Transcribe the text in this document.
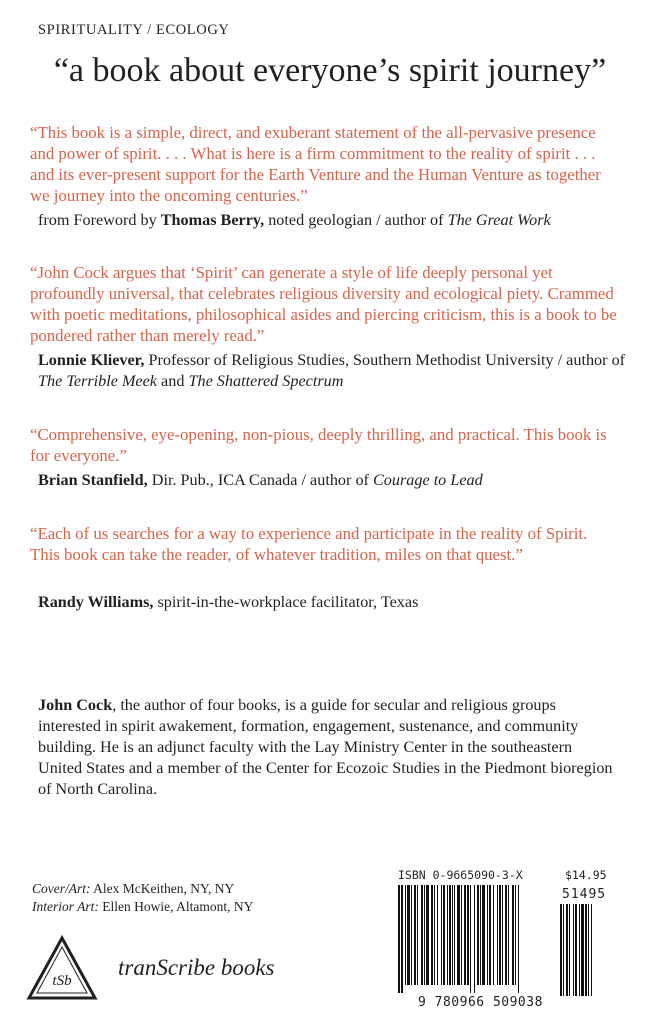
SPIRITUALITY / ECOLOGY
“a book about everyone’s spirit journey”

“This book is a simple, direct, and exuberant statement of the all-pervasive presence and power of spirit. . . . What is here is a firm commitment to the reality of spirit . . . and its ever-present support for the Earth Venture and the Human Venture as together we journey into the oncoming centuries.”

from Foreword by Thomas Berry, noted geologian / author of The Great Work

“John Cock argues that ‘Spirit’ can generate a style of life deeply personal yet profoundly universal, that celebrates religious diversity and ecological piety. Crammed with poetic meditations, philosophical asides and piercing criticism, this is a book to be pondered rather than merely read.”

Lonnie Kliever, Professor of Religious Studies, Southern Methodist University / author of The Terrible Meek and The Shattered Spectrum

“Comprehensive, eye-opening, non-pious, deeply thrilling, and practical. This book is for everyone.”

Brian Stanfield, Dir. Pub., ICA Canada / author of Courage to Lead

“Each of us searches for a way to experience and participate in the reality of Spirit. This book can take the reader, of whatever tradition, miles on that quest.”

Randy Williams, spirit-in-the-workplace facilitator, Texas
John Cock, the author of four books, is a guide for secular and religious groups interested in spirit awakement, formation, engagement, sustenance, and community building. He is an adjunct faculty with the Lay Ministry Center in the southeastern United States and a member of the Center for Ecozoic Studies in the Piedmont bioregion of North Carolina.
Cover/Art: Alex McKeithen, NY, NY
Interior Art: Ellen Howie, Altamont, NY
tSb
tranScribe books
ISBN 0-9665090-3-X	$14.95
9 780966 509038
51495
